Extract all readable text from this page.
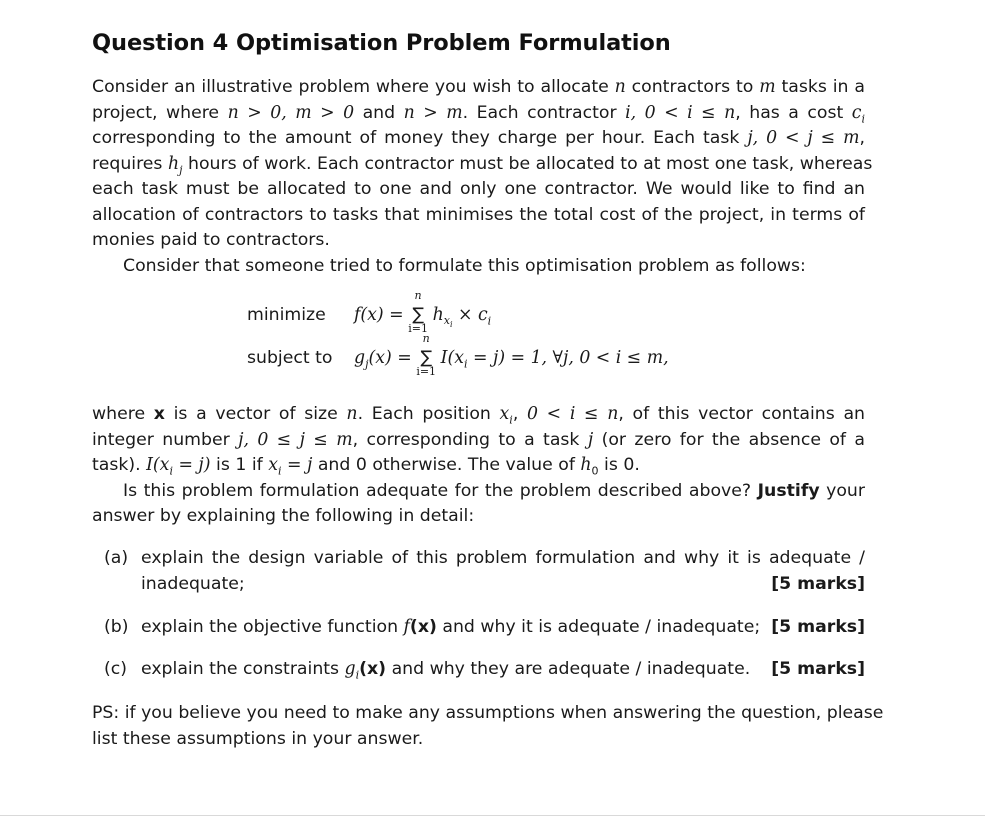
Question 4 Optimisation Problem Formulation
Consider an illustrative problem where you wish to allocate n contractors to m tasks in a
project, where n > 0, m > 0 and n > m. Each contractor i, 0 < i ≤ n, has a cost $c_i$
corresponding to the amount of money they charge per hour. Each task j, 0 < j ≤ m,
requires $h_j$ hours of work. Each contractor must be allocated to at most one task, whereas
each task must be allocated to one and only one contractor. We would like to find an
allocation of contractors to tasks that minimises the total cost of the project, in terms of
monies paid to contractors.
Consider that someone tried to formulate this optimisation problem as follows:
minimize f(x) = ∑
n
i=1
$h_{x_i} \times c_i$
subject to $g_j(x)$ = ∑
n
i=1
$I(x_i = j) = 1$, ∀j, 0 < i ≤ m,
where x is a vector of size n. Each position $x_i$, 0 < i ≤ n, of this vector contains an
integer number j, 0 ≤ j ≤ m, corresponding to a task j (or zero for the absence of a
task). $I(x_i = j)$ is 1 if $x_i = j$ and 0 otherwise. The value of $h_0$ is 0.
Is this problem formulation adequate for the problem described above? Justify your
answer by explaining the following in detail:
(a) explain the design variable of this problem formulation and why it is adequate /
inadequate;	[5 marks]
(b) explain the objective function f(x) and why it is adequate / inadequate; [5 marks]
(c) explain the constraints $g_i(x)$ and why they are adequate / inadequate.	[5 marks]
PS: if you believe you need to make any assumptions when answering the question, please
list these assumptions in your answer.
